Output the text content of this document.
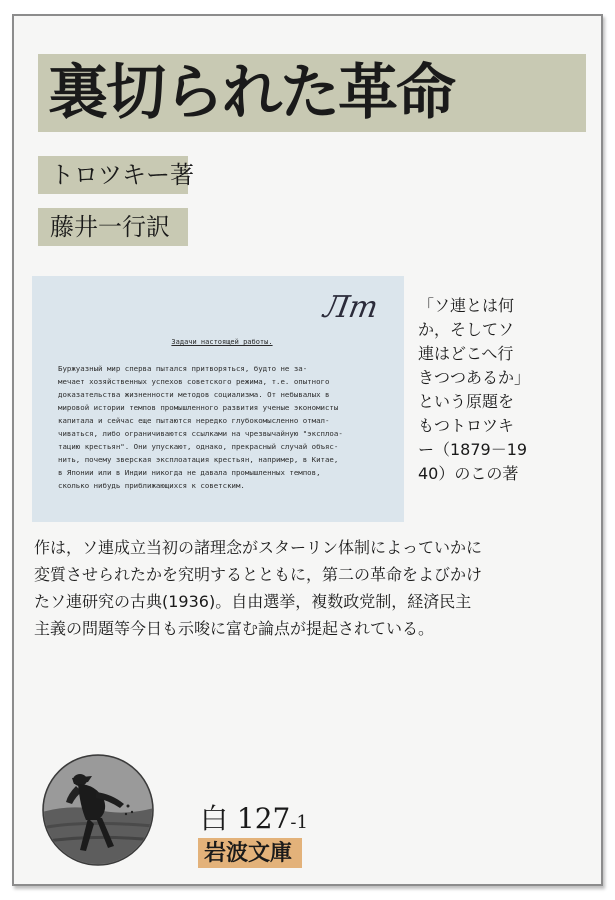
裏切られた革命
トロツキー著
藤井一行訳
Лт
Задачи настоящей работы.
Буржуазный мир сперва пытался притворяться, будто не за-
мечает хозяйственных успехов советского режима, т.е. опытного
доказательства жизненности методов социализма. От небывалых в
мировой истории темпов промышленного развития ученые экономисты
капитала и сейчас еще пытаются нередко глубокомысленно отмал-
чиваться, либо ограничиваются ссылками на чрезвычайную "эксплоа-
тацию крестьян". Они упускают, однако, прекрасный случай объяс-
нить, почему зверская эксплоатация крестьян, например, в Китае,
в Японии или в Индии никогда не давала промышленных темпов,
сколько нибудь приближающихся к советским.
「ソ連とは何
か，そしてソ
連はどこへ行
きつつあるか」
という原題を
もつトロツキ
ー（1879－19
40）のこの著
作は，ソ連成立当初の諸理念がスターリン体制によっていかに
変質させられたかを究明するとともに，第二の革命をよびかけ
たソ連研究の古典(1936)。自由選挙，複数政党制，経済民主
主義の問題等今日も示唆に富む論点が提起されている。
白 127-1
岩波文庫
